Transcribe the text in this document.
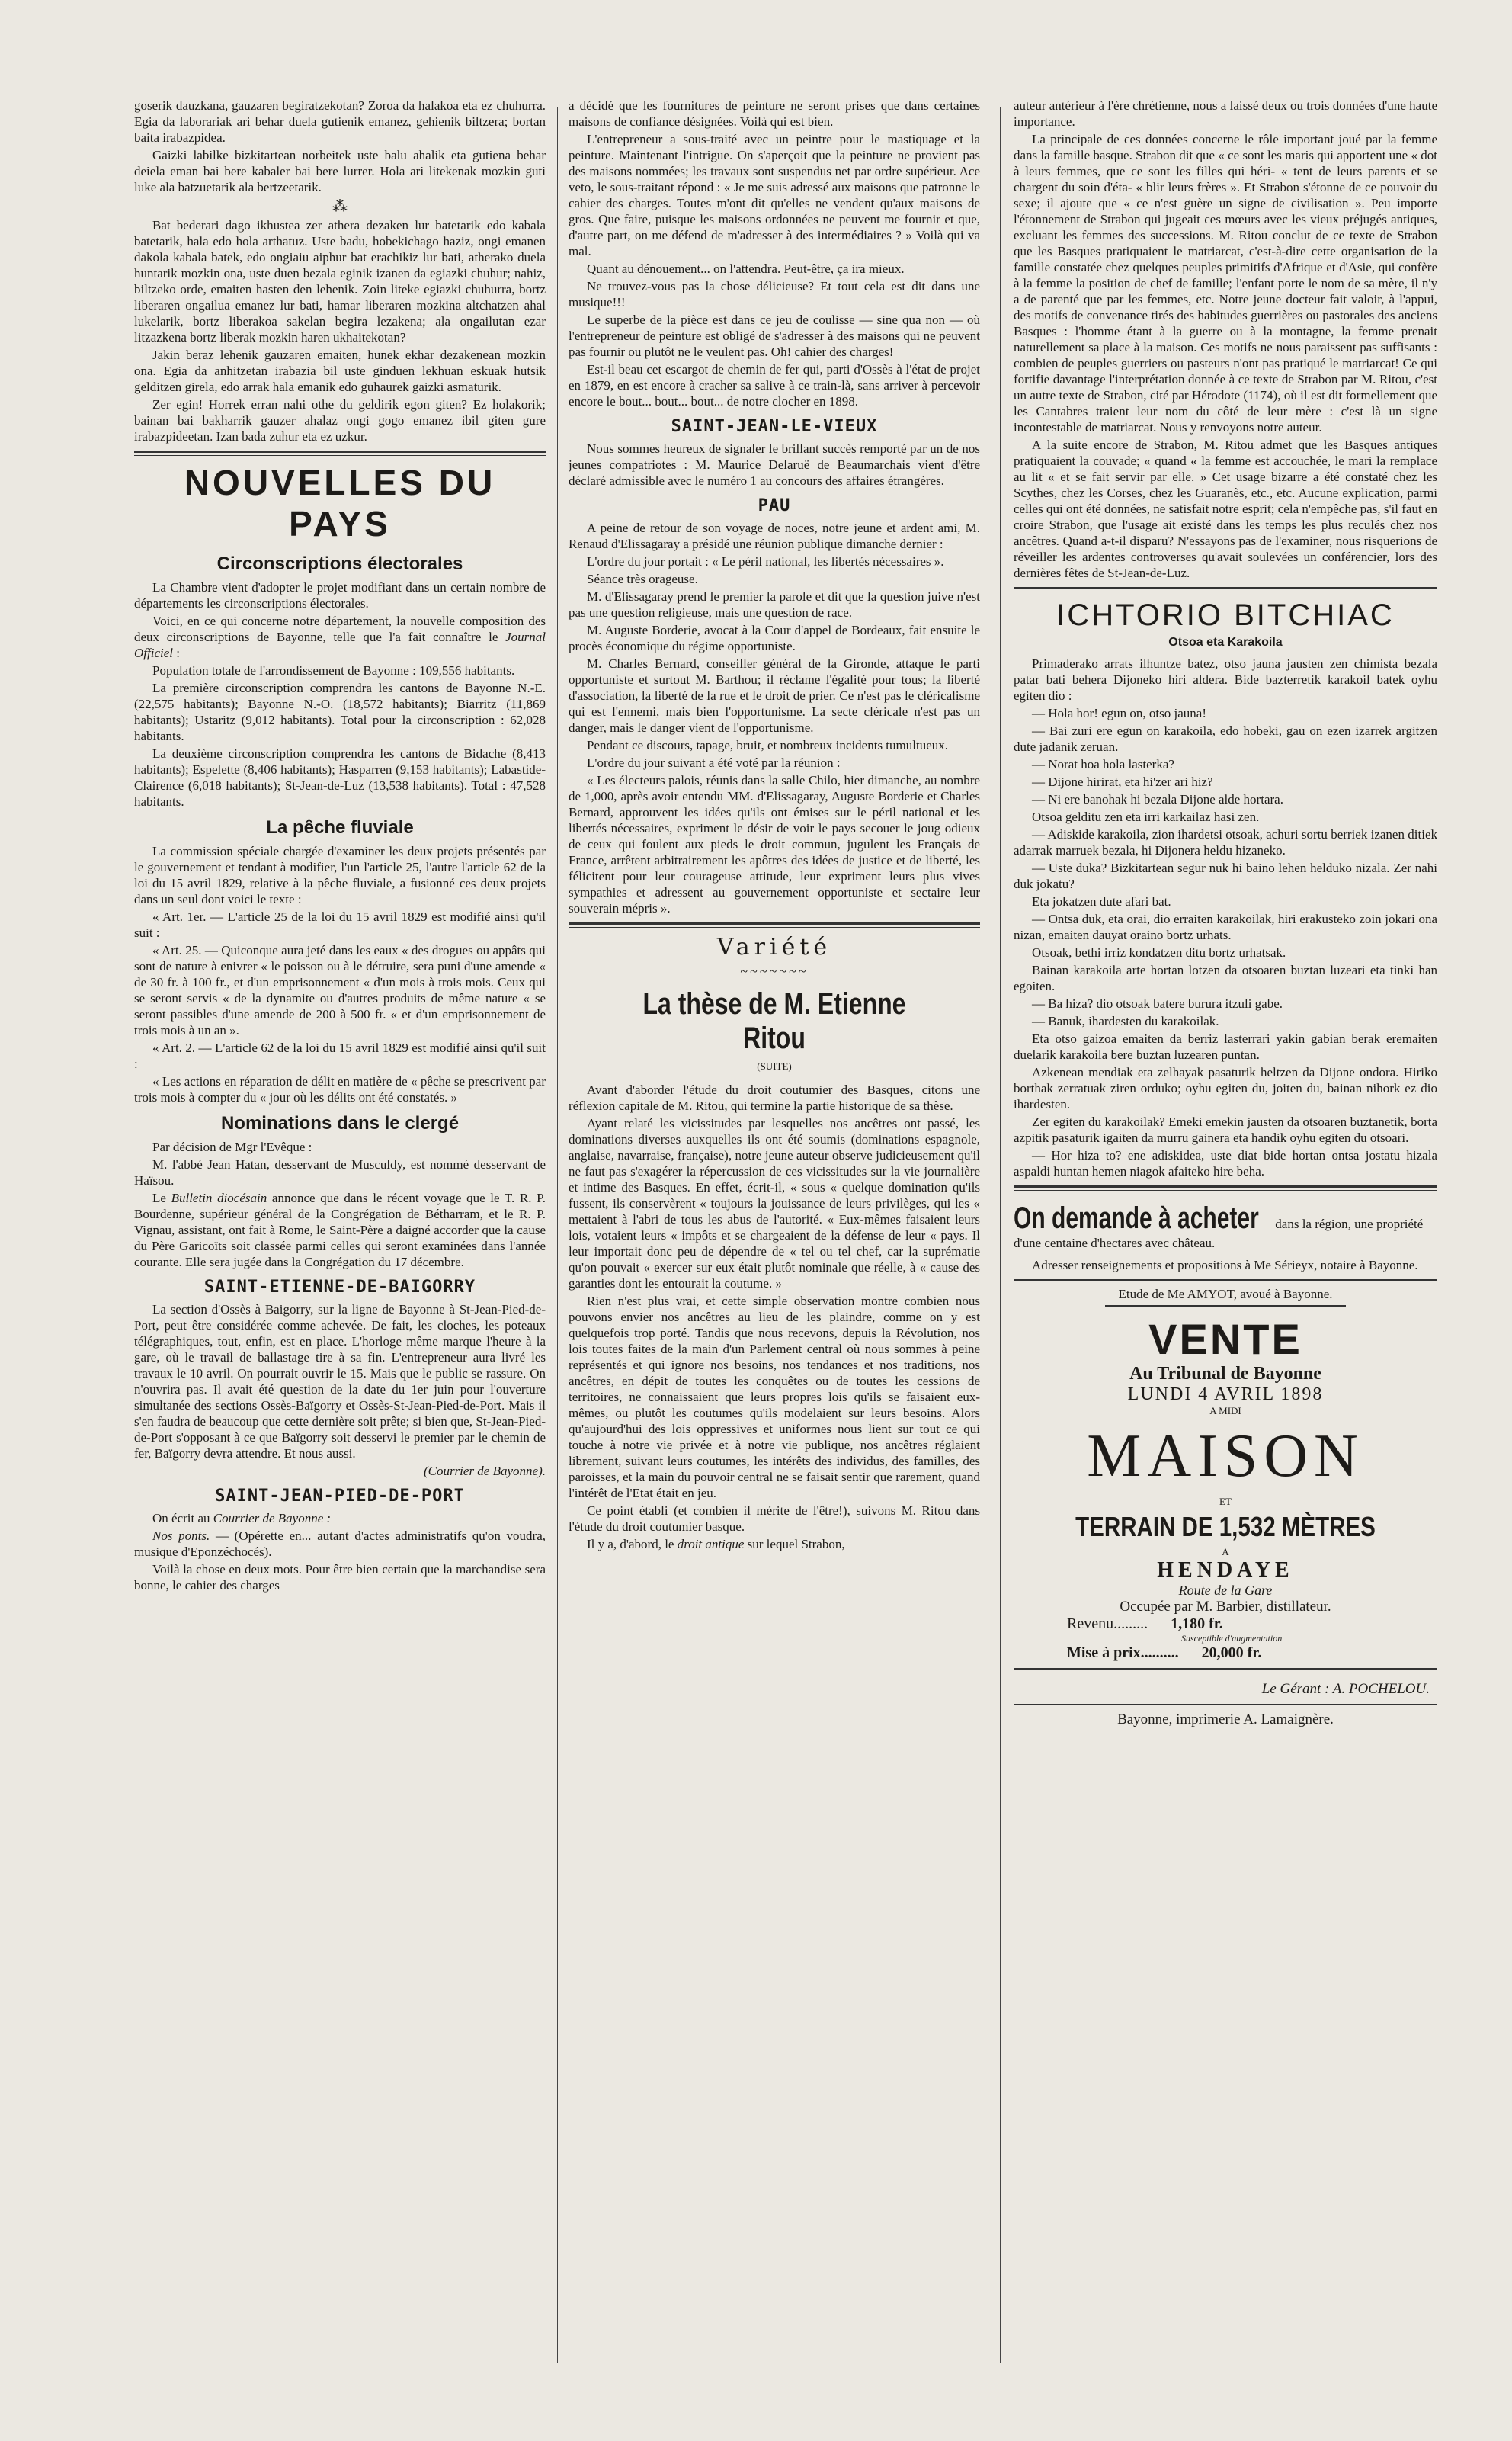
goserik dauzkana, gauzaren begiratzekotan? Zoroa da halakoa eta ez chuhurra. Egia da laborariak ari behar duela gutienik emanez, gehienik biltzera; bortan baita irabazpidea.

Gaizki labilke bizkitartean norbeitek uste balu ahalik eta gutiena behar deiela eman bai bere kabaler bai bere lurrer. Hola ari litekenak mozkin guti luke ala batzuetarik ala bertzeetarik.

⁂

Bat bederari dago ikhustea zer athera dezaken lur batetarik edo kabala batetarik, hala edo hola arthatuz. Uste badu, hobekichago haziz, ongi emanen dakola kabala batek, edo ongiaiu aiphur bat erachikiz lur bati, atherako duela huntarik mozkin ona, uste duen bezala eginik izanen da egiazki chuhur; nahiz, biltzeko orde, emaiten hasten den lehenik. Zoin liteke egiazki chuhurra, bortz liberaren ongailua emanez lur bati, hamar liberaren mozkina altchatzen ahal lukelarik, bortz liberakoa sakelan begira lezakena; ala ongailutan ezar litzazkena bortz liberak mozkin haren ukhaitekotan?

Jakin beraz lehenik gauzaren emaiten, hunek ekhar dezakenean mozkin ona. Egia da anhitzetan irabazia bil uste ginduen lekhuan eskuak hutsik gelditzen girela, edo arrak hala emanik edo guhaurek gaizki asmaturik.

Zer egin! Horrek erran nahi othe du geldirik egon giten? Ez holakorik; bainan bai bakharrik gauzer ahalaz ongi gogo emanez ibil giten gure irabazpideetan. Izan bada zuhur eta ez uzkur.

NOUVELLES DU PAYS
Circonscriptions électorales

La Chambre vient d'adopter le projet modifiant dans un certain nombre de départements les circonscriptions électorales.

Voici, en ce qui concerne notre département, la nouvelle composition des deux circonscriptions de Bayonne, telle que l'a fait connaître le Journal Officiel :

Population totale de l'arrondissement de Bayonne : 109,556 habitants.

La première circonscription comprendra les cantons de Bayonne N.-E. (22,575 habitants); Bayonne N.-O. (18,572 habitants); Biarritz (11,869 habitants); Ustaritz (9,012 habitants). Total pour la circonscription : 62,028 habitants.

La deuxième circonscription comprendra les cantons de Bidache (8,413 habitants); Espelette (8,406 habitants); Hasparren (9,153 habitants); Labastide-Clairence (6,018 habitants); St-Jean-de-Luz (13,538 habitants). Total : 47,528 habitants.

La pêche fluviale

La commission spéciale chargée d'examiner les deux projets présentés par le gouvernement et tendant à modifier, l'un l'article 25, l'autre l'article 62 de la loi du 15 avril 1829, relative à la pêche fluviale, a fusionné ces deux projets dans un seul dont voici le texte :

« Art. 1er. — L'article 25 de la loi du 15 avril 1829 est modifié ainsi qu'il suit :

« Art. 25. — Quiconque aura jeté dans les eaux « des drogues ou appâts qui sont de nature à enivrer « le poisson ou à le détruire, sera puni d'une amende « de 30 fr. à 100 fr., et d'un emprisonnement « d'un mois à trois mois. Ceux qui se seront servis « de la dynamite ou d'autres produits de même nature « se seront passibles d'une amende de 200 à 500 fr. « et d'un emprisonnement de trois mois à un an ».

« Art. 2. — L'article 62 de la loi du 15 avril 1829 est modifié ainsi qu'il suit :

« Les actions en réparation de délit en matière de « pêche se prescrivent par trois mois à compter du « jour où les délits ont été constatés. »

Nominations dans le clergé

Par décision de Mgr l'Evêque :

M. l'abbé Jean Hatan, desservant de Musculdy, est nommé desservant de Haïsou.

Le Bulletin diocésain annonce que dans le récent voyage que le T. R. P. Bourdenne, supérieur général de la Congrégation de Bétharram, et le R. P. Vignau, assistant, ont fait à Rome, le Saint-Père a daigné accorder que la cause du Père Garicoïts soit classée parmi celles qui seront examinées dans l'année courante. Elle sera jugée dans la Congrégation du 17 décembre.

SAINT-ETIENNE-DE-BAIGORRY

La section d'Ossès à Baigorry, sur la ligne de Bayonne à St-Jean-Pied-de-Port, peut être considérée comme achevée. De fait, les cloches, les poteaux télégraphiques, tout, enfin, est en place. L'horloge même marque l'heure à la gare, où le travail de ballastage tire à sa fin. L'entrepreneur aura livré les travaux le 10 avril. On pourrait ouvrir le 15. Mais que le public se rassure. On n'ouvrira pas. Il avait été question de la date du 1er juin pour l'ouverture simultanée des sections Ossès-Baïgorry et Ossès-St-Jean-Pied-de-Port. Mais il s'en faudra de beaucoup que cette dernière soit prête; si bien que, St-Jean-Pied-de-Port s'opposant à ce que Baïgorry soit desservi le premier par le chemin de fer, Baïgorry devra attendre. Et nous aussi.

(Courrier de Bayonne).

SAINT-JEAN-PIED-DE-PORT

On écrit au Courrier de Bayonne :

Nos ponts. — (Opérette en... autant d'actes administratifs qu'on voudra, musique d'Eponzéchocés).

Voilà la chose en deux mots. Pour être bien certain que la marchandise sera bonne, le cahier des charges

a décidé que les fournitures de peinture ne seront prises que dans certaines maisons de confiance désignées. Voilà qui est bien.

L'entrepreneur a sous-traité avec un peintre pour le mastiquage et la peinture. Maintenant l'intrigue. On s'aperçoit que la peinture ne provient pas des maisons nommées; les travaux sont suspendus net par ordre supérieur. Ace veto, le sous-traitant répond : « Je me suis adressé aux maisons que patronne le cahier des charges. Toutes m'ont dit qu'elles ne vendent qu'aux maisons de gros. Que faire, puisque les maisons ordonnées ne peuvent me fournir et que, d'autre part, on me défend de m'adresser à des intermédiaires ? » Voilà qui va mal.

Quant au dénouement... on l'attendra. Peut-être, ça ira mieux.

Ne trouvez-vous pas la chose délicieuse? Et tout cela est dit dans une musique!!!

Le superbe de la pièce est dans ce jeu de coulisse — sine qua non — où l'entrepreneur de peinture est obligé de s'adresser à des maisons qui ne peuvent pas fournir ou plutôt ne le veulent pas. Oh! cahier des charges!

Est-il beau cet escargot de chemin de fer qui, parti d'Ossès à l'état de projet en 1879, en est encore à cracher sa salive à ce train-là, sans arriver à percevoir encore le bout... bout... bout... de notre clocher en 1898.

SAINT-JEAN-LE-VIEUX

Nous sommes heureux de signaler le brillant succès remporté par un de nos jeunes compatriotes : M. Maurice Delaruë de Beaumarchais vient d'être déclaré admissible avec le numéro 1 au concours des affaires étrangères.

PAU

A peine de retour de son voyage de noces, notre jeune et ardent ami, M. Renaud d'Elissagaray a présidé une réunion publique dimanche dernier :

L'ordre du jour portait : « Le péril national, les libertés nécessaires ».

Séance très orageuse.

M. d'Elissagaray prend le premier la parole et dit que la question juive n'est pas une question religieuse, mais une question de race.

M. Auguste Borderie, avocat à la Cour d'appel de Bordeaux, fait ensuite le procès économique du régime opportuniste.

M. Charles Bernard, conseiller général de la Gironde, attaque le parti opportuniste et surtout M. Barthou; il réclame l'égalité pour tous; la liberté d'association, la liberté de la rue et le droit de prier. Ce n'est pas le cléricalisme qui est l'ennemi, mais bien l'opportunisme. La secte cléricale n'est pas un danger, mais le danger vient de l'opportunisme.

Pendant ce discours, tapage, bruit, et nombreux incidents tumultueux.

L'ordre du jour suivant a été voté par la réunion :

« Les électeurs palois, réunis dans la salle Chilo, hier dimanche, au nombre de 1,000, après avoir entendu MM. d'Elissagaray, Auguste Borderie et Charles Bernard, approuvent les idées qu'ils ont émises sur le péril national et les libertés nécessaires, expriment le désir de voir le pays secouer le joug odieux de ceux qui foulent aux pieds le droit commun, jugulent les Français de France, arrêtent arbitrairement les apôtres des idées de justice et de liberté, les félicitent pour leur courageuse attitude, leur expriment leurs plus vives sympathies et adressent au gouvernement opportuniste et sectaire leur souverain mépris ».

Variété
~~~~~~~
La thèse de M. Etienne Ritou
(SUITE)

Avant d'aborder l'étude du droit coutumier des Basques, citons une réflexion capitale de M. Ritou, qui termine la partie historique de sa thèse.

Ayant relaté les vicissitudes par lesquelles nos ancêtres ont passé, les dominations diverses auxquelles ils ont été soumis (dominations espagnole, anglaise, navarraise, française), notre jeune auteur observe judicieusement qu'il ne faut pas s'exagérer la répercussion de ces vicissitudes sur la vie journalière et intime des Basques. En effet, écrit-il, « sous « quelque domination qu'ils fussent, ils conservèrent « toujours la jouissance de leurs privilèges, qui les « mettaient à l'abri de tous les abus de l'autorité. « Eux-mêmes faisaient leurs lois, votaient leurs « impôts et se chargeaient de la défense de leur « pays. Il leur importait donc peu de dépendre de « tel ou tel chef, car la suprématie qu'on pouvait « exercer sur eux était plutôt nominale que réelle, à « cause des garanties dont les entourait la coutume. »

Rien n'est plus vrai, et cette simple observation montre combien nous pouvons envier nos ancêtres au lieu de les plaindre, comme on y est quelquefois trop porté. Tandis que nous recevons, depuis la Révolution, nos lois toutes faites de la main d'un Parlement central où nous sommes à peine représentés et qui ignore nos besoins, nos tendances et nos traditions, nos ancêtres, en dépit de toutes les conquêtes ou de toutes les cessions de territoires, ne connaissaient que leurs propres lois qu'ils se faisaient eux-mêmes, ou plutôt les coutumes qu'ils modelaient sur leurs besoins. Alors qu'aujourd'hui des lois oppressives et uniformes nous lient sur tout ce qui touche à notre vie privée et à notre vie publique, nos ancêtres réglaient librement, suivant leurs coutumes, les intérêts des individus, des familles, des paroisses, et la main du pouvoir central ne se faisait sentir que rarement, quand l'intérêt de l'Etat était en jeu.

Ce point établi (et combien il mérite de l'être!), suivons M. Ritou dans l'étude du droit coutumier basque.

Il y a, d'abord, le droit antique sur lequel Strabon,

auteur antérieur à l'ère chrétienne, nous a laissé deux ou trois données d'une haute importance.

La principale de ces données concerne le rôle important joué par la femme dans la famille basque. Strabon dit que « ce sont les maris qui apportent une « dot à leurs femmes, que ce sont les filles qui héri- « tent de leurs parents et se chargent du soin d'éta- « blir leurs frères ». Et Strabon s'étonne de ce pouvoir du sexe; il ajoute que « ce n'est guère un signe de civilisation ». Peu importe l'étonnement de Strabon qui jugeait ces mœurs avec les vieux préjugés antiques, excluant les femmes des successions. M. Ritou conclut de ce texte de Strabon que les Basques pratiquaient le matriarcat, c'est-à-dire cette organisation de la famille constatée chez quelques peuples primitifs d'Afrique et d'Asie, qui confère à la femme la position de chef de famille; l'enfant porte le nom de sa mère, il n'y a de parenté que par les femmes, etc. Notre jeune docteur fait valoir, à l'appui, des motifs de convenance tirés des habitudes guerrières ou pastorales des anciens Basques : l'homme étant à la guerre ou à la montagne, la femme prenait naturellement sa place à la maison. Ces motifs ne nous paraissent pas suffisants : combien de peuples guerriers ou pasteurs n'ont pas pratiqué le matriarcat! Ce qui fortifie davantage l'interprétation donnée à ce texte de Strabon par M. Ritou, c'est un autre texte de Strabon, cité par Hérodote (1174), où il est dit formellement que les Cantabres traient leur nom du côté de leur mère : c'est là un signe incontestable de matriarcat. Nous y renvoyons notre auteur.

A la suite encore de Strabon, M. Ritou admet que les Basques antiques pratiquaient la couvade; « quand « la femme est accouchée, le mari la remplace au lit « et se fait servir par elle. » Cet usage bizarre a été constaté chez les Scythes, chez les Corses, chez les Guaranès, etc., etc. Aucune explication, parmi celles qui ont été données, ne satisfait notre esprit; cela n'empêche pas, s'il faut en croire Strabon, que l'usage ait existé dans les temps les plus reculés chez nos ancêtres. Quand a-t-il disparu? N'essayons pas de l'examiner, nous risquerions de réveiller les ardentes controverses qu'avait soulevées un conférencier, lors des dernières fêtes de St-Jean-de-Luz.

ICHTORIO BITCHIAC
Otsoa eta Karakoila

Primaderako arrats ilhuntze batez, otso jauna jausten zen chimista bezala patar bati behera Dijoneko hiri aldera. Bide bazterretik karakoil batek oyhu egiten dio :

— Hola hor! egun on, otso jauna!

— Bai zuri ere egun on karakoila, edo hobeki, gau on ezen izarrek argitzen dute jadanik zeruan.

— Norat hoa hola lasterka?

— Dijone hirirat, eta hi'zer ari hiz?

— Ni ere banohak hi bezala Dijone alde hortara.

Otsoa gelditu zen eta irri karkailaz hasi zen.

— Adiskide karakoila, zion ihardetsi otsoak, achuri sortu berriek izanen ditiek adarrak marruek bezala, hi Dijonera heldu hizaneko.

— Uste duka? Bizkitartean segur nuk hi baino lehen helduko nizala. Zer nahi duk jokatu?

Eta jokatzen dute afari bat.

— Ontsa duk, eta orai, dio erraiten karakoilak, hiri erakusteko zoin jokari ona nizan, emaiten dauyat oraino bortz urhats.

Otsoak, bethi irriz kondatzen ditu bortz urhatsak.

Bainan karakoila arte hortan lotzen da otsoaren buztan luzeari eta tinki han egoiten.

— Ba hiza? dio otsoak batere burura itzuli gabe.

— Banuk, ihardesten du karakoilak.

Eta otso gaizoa emaiten da berriz lasterrari yakin gabian berak eremaiten duelarik karakoila bere buztan luzearen puntan.

Azkenean mendiak eta zelhayak pasaturik heltzen da Dijone ondora. Hiriko borthak zerratuak ziren orduko; oyhu egiten du, joiten du, bainan nihork ez dio ihardesten.

Zer egiten du karakoilak? Emeki emekin jausten da otsoaren buztanetik, borta azpitik pasaturik igaiten da murru gainera eta handik oyhu egiten du otsoari.

— Hor hiza to? ene adiskidea, uste diat bide hortan ontsa jostatu hizala aspaldi huntan hemen niagok afaiteko hire beha.

On demande à acheter dans la région, une propriété d'une centaine d'hectares avec château.

Adresser renseignements et propositions à Me Sérieyx, notaire à Bayonne.

Etude de Me AMYOT, avoué à Bayonne.
VENTE
Au Tribunal de Bayonne
LUNDI 4 AVRIL 1898
A MIDI
MAISON
ET
TERRAIN DE 1,532 MÈTRES
A
HENDAYE
Route de la Gare
Occupée par M. Barbier, distillateur.
Revenu......... 1,180 fr.
Susceptible d'augmentation
Mise à prix.......... 20,000 fr.
Le Gérant : A. POCHELOU.
Bayonne, imprimerie A. Lamaignère.
